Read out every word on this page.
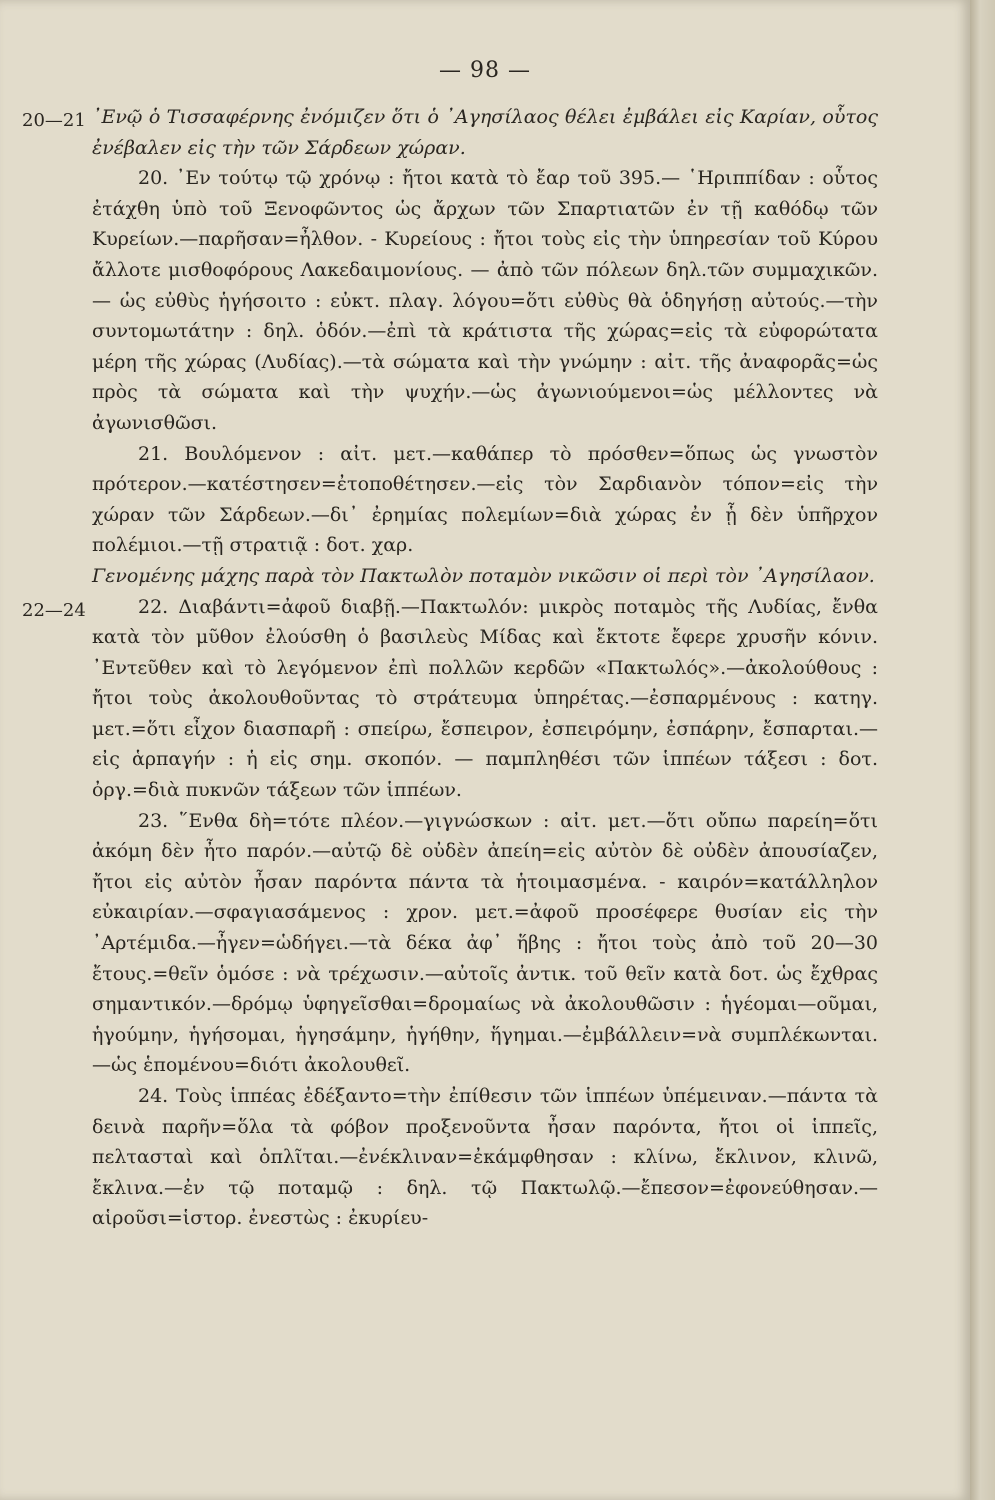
— 98 —
20—21
22—24

᾿Ενῷ ὁ Τισσαφέρνης ἐνόμιζεν ὅτι ὁ ᾿Αγησίλαος θέλει ἐμβάλει εἰς Καρίαν, οὗτος ἐνέβαλεν εἰς τὴν τῶν Σάρδεων χώραν.

20. ᾿Εν τούτῳ τῷ χρόνῳ : ἤτοι κατὰ τὸ ἔαρ τοῦ 395.— ῾Ηριππίδαν : οὗτος ἐτάχθη ὑπὸ τοῦ Ξενοφῶντος ὡς ἄρχων τῶν Σπαρτιατῶν ἐν τῇ καθόδῳ τῶν Κυρείων.—παρῆσαν=ἦλθον. - Κυρείους : ἤτοι τοὺς εἰς τὴν ὑπηρεσίαν τοῦ Κύρου ἄλλοτε μισθοφόρους Λακεδαιμονίους. — ἀπὸ τῶν πόλεων δηλ.τῶν συμμαχικῶν.— ὡς εὐθὺς ἡγήσοιτο : εὐκτ. πλαγ. λόγου=ὅτι εὐθὺς θὰ ὁδηγήσῃ αὐτούς.—τὴν συντομωτάτην : δηλ. ὁδόν.—ἐπὶ τὰ κράτιστα τῆς χώρας=εἰς τὰ εὐφορώτατα μέρη τῆς χώρας (Λυδίας).—τὰ σώματα καὶ τὴν γνώμην : αἰτ. τῆς ἀναφορᾶς=ὡς πρὸς τὰ σώματα καὶ τὴν ψυχήν.—ὡς ἀγωνιούμενοι=ὡς μέλλοντες νὰ ἀγωνισθῶσι.

21. Βουλόμενον : αἰτ. μετ.—καθάπερ τὸ πρόσθεν=ὅπως ὡς γνωστὸν πρότερον.—κατέστησεν=ἐτοποθέτησεν.—εἰς τὸν Σαρδιανὸν τόπον=εἰς τὴν χώραν τῶν Σάρδεων.—δι᾿ ἐρημίας πολεμίων=διὰ χώρας ἐν ᾗ δὲν ὑπῆρχον πολέμιοι.—τῇ στρατιᾷ : δοτ. χαρ.

Γενομένης μάχης παρὰ τὸν Πακτωλὸν ποταμὸν νικῶσιν οἱ περὶ τὸν ᾿Αγησίλαον.

22. Διαβάντι=ἀφοῦ διαβῇ.—Πακτωλόν: μικρὸς ποταμὸς τῆς Λυδίας, ἔνθα κατὰ τὸν μῦθον ἐλούσθη ὁ βασιλεὺς Μίδας καὶ ἔκτοτε ἔφερε χρυσῆν κόνιν. ᾿Εντεῦθεν καὶ τὸ λεγόμενον ἐπὶ πολλῶν κερδῶν «Πακτωλός».—ἀκολούθους : ἤτοι τοὺς ἀκολουθοῦντας τὸ στράτευμα ὑπηρέτας.—ἐσπαρμένους : κατηγ. μετ.=ὅτι εἶχον διασπαρῆ : σπείρω, ἔσπειρον, ἐσπειρόμην, ἐσπάρην, ἔσπαρται.—εἰς ἁρπαγήν : ἡ εἰς σημ. σκοπόν. — παμπληθέσι τῶν ἱππέων τάξεσι : δοτ. ὀργ.=διὰ πυκνῶν τάξεων τῶν ἱππέων.

23. ῞Ενθα δὴ=τότε πλέον.—γιγνώσκων : αἰτ. μετ.—ὅτι οὔπω παρείη=ὅτι ἀκόμη δὲν ἦτο παρόν.—αὐτῷ δὲ οὐδὲν ἀπείη=εἰς αὐτὸν δὲ οὐδὲν ἀπουσίαζεν, ἤτοι εἰς αὐτὸν ἦσαν παρόντα πάντα τὰ ἡτοιμασμένα. - καιρόν=κατάλληλον εὐκαιρίαν.—σφαγιασάμενος : χρον. μετ.=ἀφοῦ προσέφερε θυσίαν εἰς τὴν ᾿Αρτέμιδα.—ἦγεν=ὡδήγει.—τὰ δέκα ἀφ᾿ ἥβης : ἤτοι τοὺς ἀπὸ τοῦ 20—30 ἔτους.=θεῖν ὁμόσε : νὰ τρέχωσιν.—αὐτοῖς ἀντικ. τοῦ θεῖν κατὰ δοτ. ὡς ἔχθρας σημαντικόν.—δρόμῳ ὑφηγεῖσθαι=δρομαίως νὰ ἀκολουθῶσιν : ἡγέομαι—οῦμαι, ἡγούμην, ἡγήσομαι, ἡγησάμην, ἡγήθην, ἥγημαι.—ἐμβάλλειν=νὰ συμπλέκωνται.—ὡς ἑπομένου=διότι ἀκολουθεῖ.

24. Τοὺς ἱππέας ἐδέξαντο=τὴν ἐπίθεσιν τῶν ἱππέων ὑπέμειναν.—πάντα τὰ δεινὰ παρῆν=ὅλα τὰ φόβον προξενοῦντα ἦσαν παρόντα, ἤτοι οἱ ἱππεῖς, πελτασταὶ καὶ ὁπλῖται.—ἐνέκλιναν=ἐκάμφθησαν : κλίνω, ἔκλινον, κλινῶ, ἔκλινα.—ἐν τῷ ποταμῷ : δηλ. τῷ Πακτωλῷ.—ἔπεσον=ἐφονεύθησαν.—αἱροῦσι=ἱστορ. ἐνεστὼς : ἐκυρίευ-
